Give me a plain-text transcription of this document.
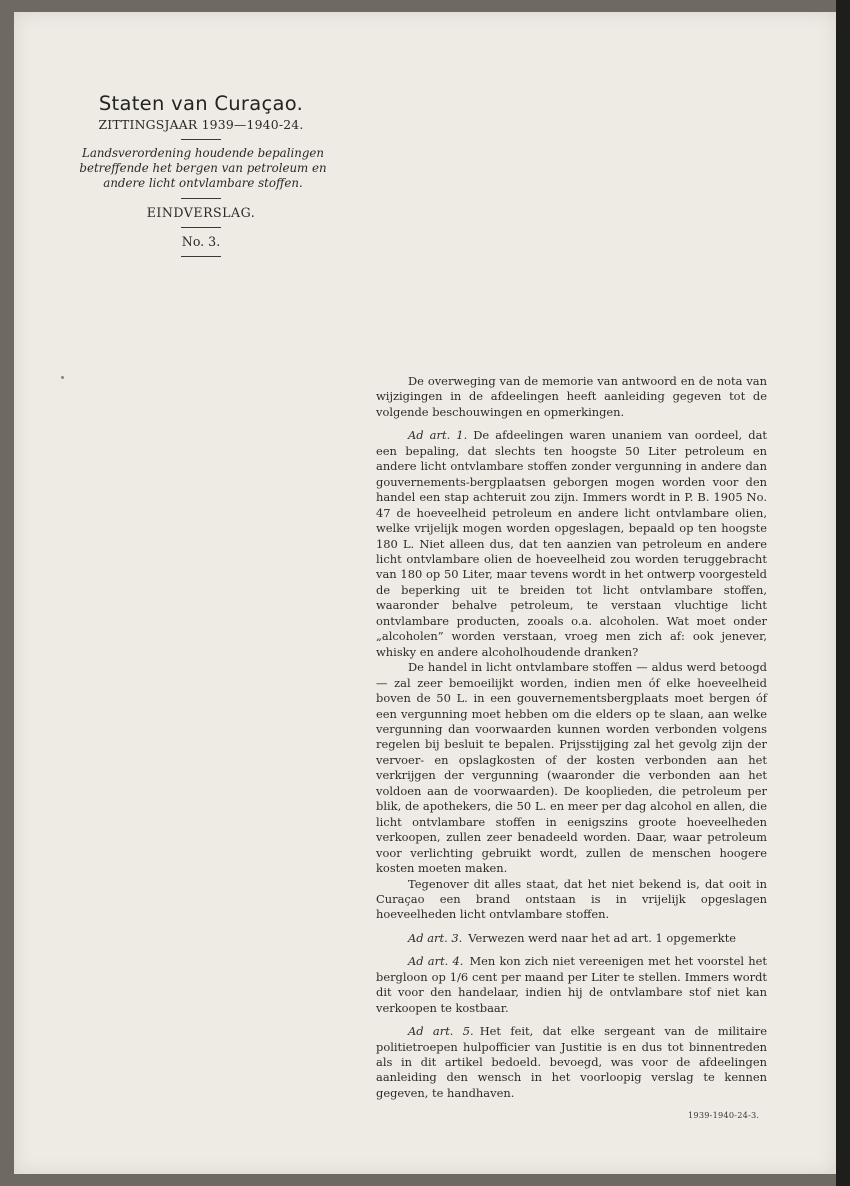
Staten van Curaçao.

ZITTINGSJAAR 1939—1940-24.

Landsverordening houdende bepalingen betreffende het bergen van petroleum en andere licht ontvlambare stoffen.

EINDVERSLAG.

No. 3.

De overweging van de memorie van antwoord en de nota van wijzigingen in de afdeelingen heeft aanleiding gegeven tot de volgende beschouwingen en opmerkingen.

Ad art. 1. De afdeelingen waren unaniem van oordeel, dat een bepaling, dat slechts ten hoogste 50 Liter petroleum en andere licht ontvlambare stoffen zonder vergunning in andere dan gouvernements-bergplaatsen geborgen mogen worden voor den handel een stap achteruit zou zijn. Immers wordt in P. B. 1905 No. 47 de hoeveelheid petroleum en andere licht ontvlambare olien, welke vrijelijk mogen worden opgeslagen, bepaald op ten hoogste 180 L. Niet alleen dus, dat ten aanzien van petroleum en andere licht ontvlambare olien de hoeveelheid zou worden teruggebracht van 180 op 50 Liter, maar tevens wordt in het ontwerp voorgesteld de beperking uit te breiden tot licht ontvlambare stoffen, waaronder behalve petroleum, te verstaan vluchtige licht ontvlambare producten, zooals o.a. alcoholen. Wat moet onder „alcoholen” worden verstaan, vroeg men zich af: ook jenever, whisky en andere alcoholhoudende dranken?

De handel in licht ontvlambare stoffen — aldus werd betoogd — zal zeer bemoeilijkt worden, indien men óf elke hoeveelheid boven de 50 L. in een gouvernementsbergplaats moet bergen óf een vergunning moet hebben om die elders op te slaan, aan welke vergunning dan voorwaarden kunnen worden verbonden volgens regelen bij besluit te bepalen. Prijsstijging zal het gevolg zijn der vervoer- en opslagkosten of der kosten verbonden aan het verkrijgen der vergunning (waaronder die verbonden aan het voldoen aan de voorwaarden). De kooplieden, die petroleum per blik, de apothekers, die 50 L. en meer per dag alcohol en allen, die licht ontvlambare stoffen in eenigszins groote hoeveelheden verkoopen, zullen zeer benadeeld worden. Daar, waar petroleum voor verlichting gebruikt wordt, zullen de menschen hoogere kosten moeten maken.

Tegenover dit alles staat, dat het niet bekend is, dat ooit in Curaçao een brand ontstaan is in vrijelijk opgeslagen hoeveelheden licht ontvlambare stoffen.

Ad art. 3. Verwezen werd naar het ad art. 1 opgemerkte

Ad art. 4. Men kon zich niet vereenigen met het voorstel het bergloon op 1/6 cent per maand per Liter te stellen. Immers wordt dit voor den handelaar, indien hij de ontvlambare stof niet kan verkoopen te kostbaar.

Ad art. 5. Het feit, dat elke sergeant van de militaire politietroepen hulpofficier van Justitie is en dus tot binnentreden als in dit artikel bedoeld. bevoegd, was voor de afdeelingen aanleiding den wensch in het voorloopig verslag te kennen gegeven, te handhaven.

1939-1940-24-3.
